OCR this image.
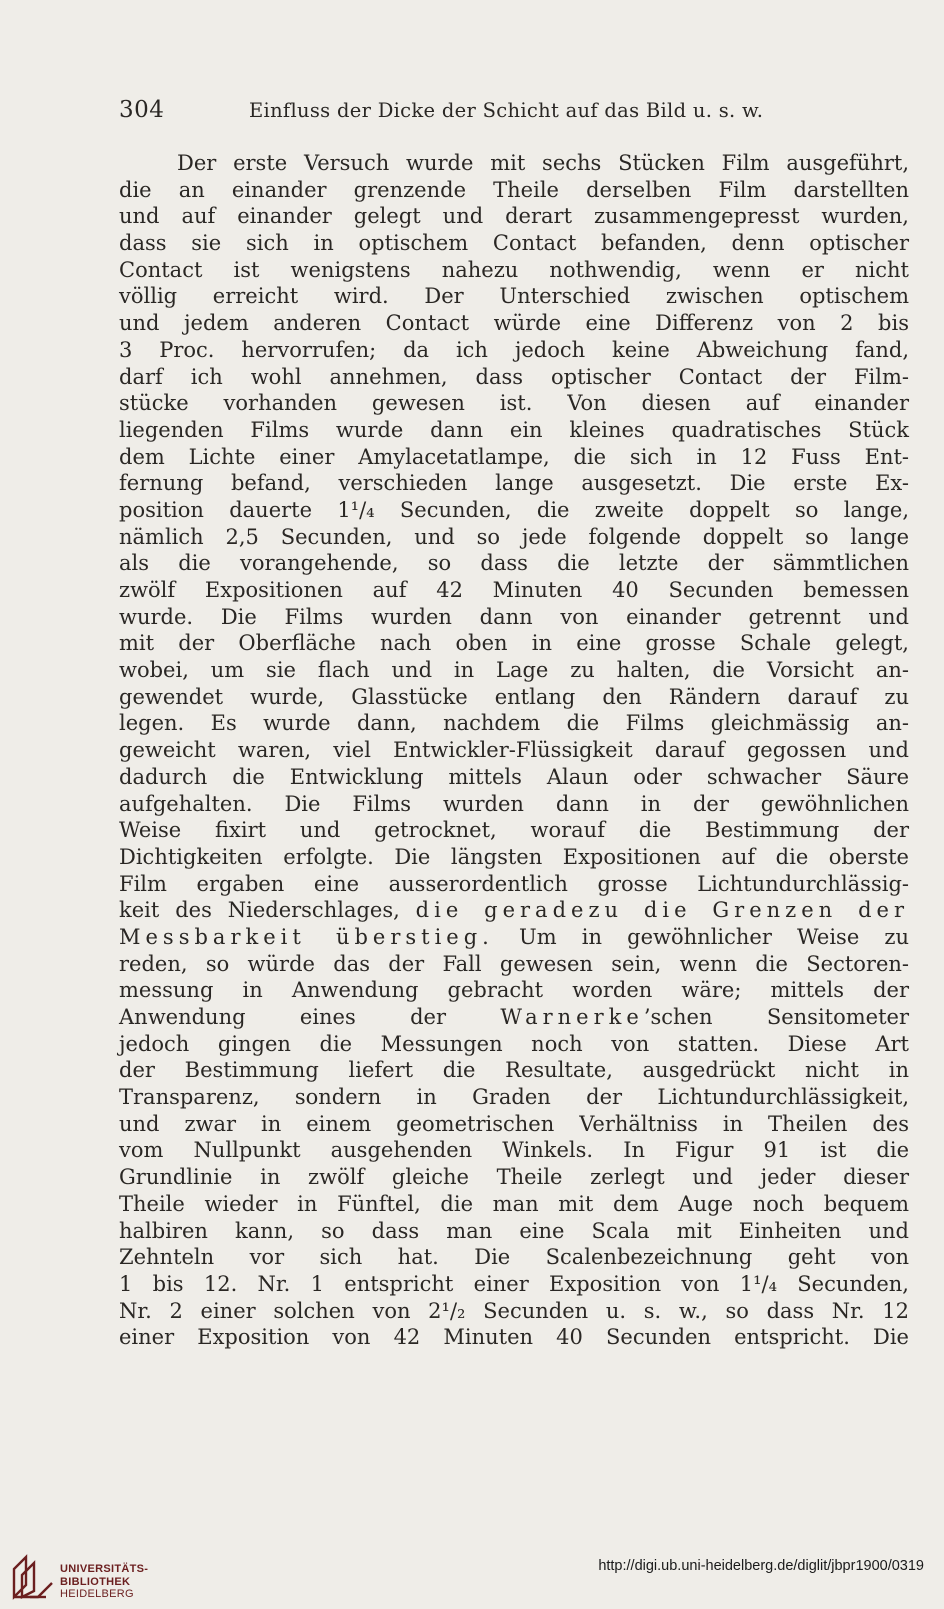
304	Einfluss der Dicke der Schicht auf das Bild u. s. w.
Der erste Versuch wurde mit sechs Stücken Film ausgeführt,
die an einander grenzende Theile derselben Film darstellten
und auf einander gelegt und derart zusammengepresst wurden,
dass sie sich in optischem Contact befanden, denn optischer
Contact ist wenigstens nahezu nothwendig, wenn er nicht
völlig erreicht wird. Der Unterschied zwischen optischem
und jedem anderen Contact würde eine Differenz von 2 bis
3 Proc. hervorrufen; da ich jedoch keine Abweichung fand,
darf ich wohl annehmen, dass optischer Contact der Film-
stücke vorhanden gewesen ist. Von diesen auf einander
liegenden Films wurde dann ein kleines quadratisches Stück
dem Lichte einer Amylacetatlampe, die sich in 12 Fuss Ent-
fernung befand, verschieden lange ausgesetzt. Die erste Ex-
position dauerte 1¹/₄ Secunden, die zweite doppelt so lange,
nämlich 2,5 Secunden, und so jede folgende doppelt so lange
als die vorangehende, so dass die letzte der sämmtlichen
zwölf Expositionen auf 42 Minuten 40 Secunden bemessen
wurde. Die Films wurden dann von einander getrennt und
mit der Oberfläche nach oben in eine grosse Schale gelegt,
wobei, um sie flach und in Lage zu halten, die Vorsicht an-
gewendet wurde, Glasstücke entlang den Rändern darauf zu
legen. Es wurde dann, nachdem die Films gleichmässig an-
geweicht waren, viel Entwickler-Flüssigkeit darauf gegossen und
dadurch die Entwicklung mittels Alaun oder schwacher Säure
aufgehalten. Die Films wurden dann in der gewöhnlichen
Weise fixirt und getrocknet, worauf die Bestimmung der
Dichtigkeiten erfolgte. Die längsten Expositionen auf die oberste
Film ergaben eine ausserordentlich grosse Lichtundurchlässig-
keit des Niederschlages, die geradezu die Grenzen der
Messbarkeit überstieg. Um in gewöhnlicher Weise zu
reden, so würde das der Fall gewesen sein, wenn die Sectoren-
messung in Anwendung gebracht worden wäre; mittels der
Anwendung eines der Warnerke’schen Sensitometer
jedoch gingen die Messungen noch von statten. Diese Art
der Bestimmung liefert die Resultate, ausgedrückt nicht in
Transparenz, sondern in Graden der Lichtundurchlässigkeit,
und zwar in einem geometrischen Verhältniss in Theilen des
vom Nullpunkt ausgehenden Winkels. In Figur 91 ist die
Grundlinie in zwölf gleiche Theile zerlegt und jeder dieser
Theile wieder in Fünftel, die man mit dem Auge noch bequem
halbiren kann, so dass man eine Scala mit Einheiten und
Zehnteln vor sich hat. Die Scalenbezeichnung geht von
1 bis 12. Nr. 1 entspricht einer Exposition von 1¹/₄ Secunden,
Nr. 2 einer solchen von 2¹/₂ Secunden u. s. w., so dass Nr. 12
einer Exposition von 42 Minuten 40 Secunden entspricht. Die
UNIVERSITÄTS-
BIBLIOTHEK
HEIDELBERG
http://digi.ub.uni-heidelberg.de/diglit/jbpr1900/0319
